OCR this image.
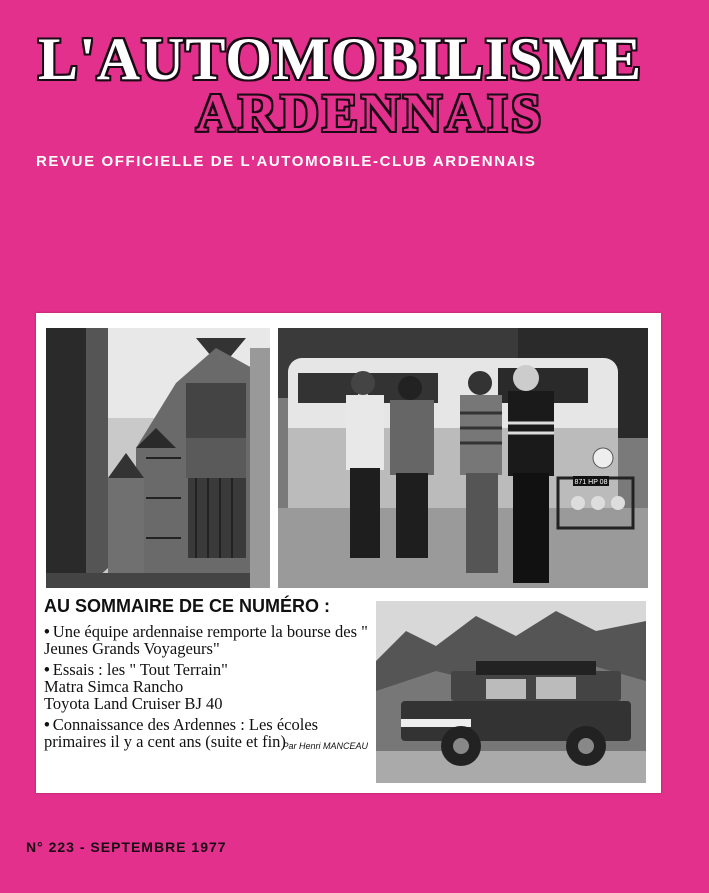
L'AUTOMOBILISME
ARDENNAIS
REVUE OFFICIELLE DE L'AUTOMOBILE-CLUB ARDENNAIS
871 HP 08
AU SOMMAIRE DE CE NUMÉRO :
• Une équipe ardennaise remporte la bourse des " Jeunes Grands Voyageurs"
• Essais : les " Tout Terrain"
Matra Simca Rancho
Toyota Land Cruiser BJ 40
• Connaissance des Ardennes : Les écoles primaires il y a cent ans (suite et fin)
Par Henri MANCEAU
N° 223 - SEPTEMBRE 1977
